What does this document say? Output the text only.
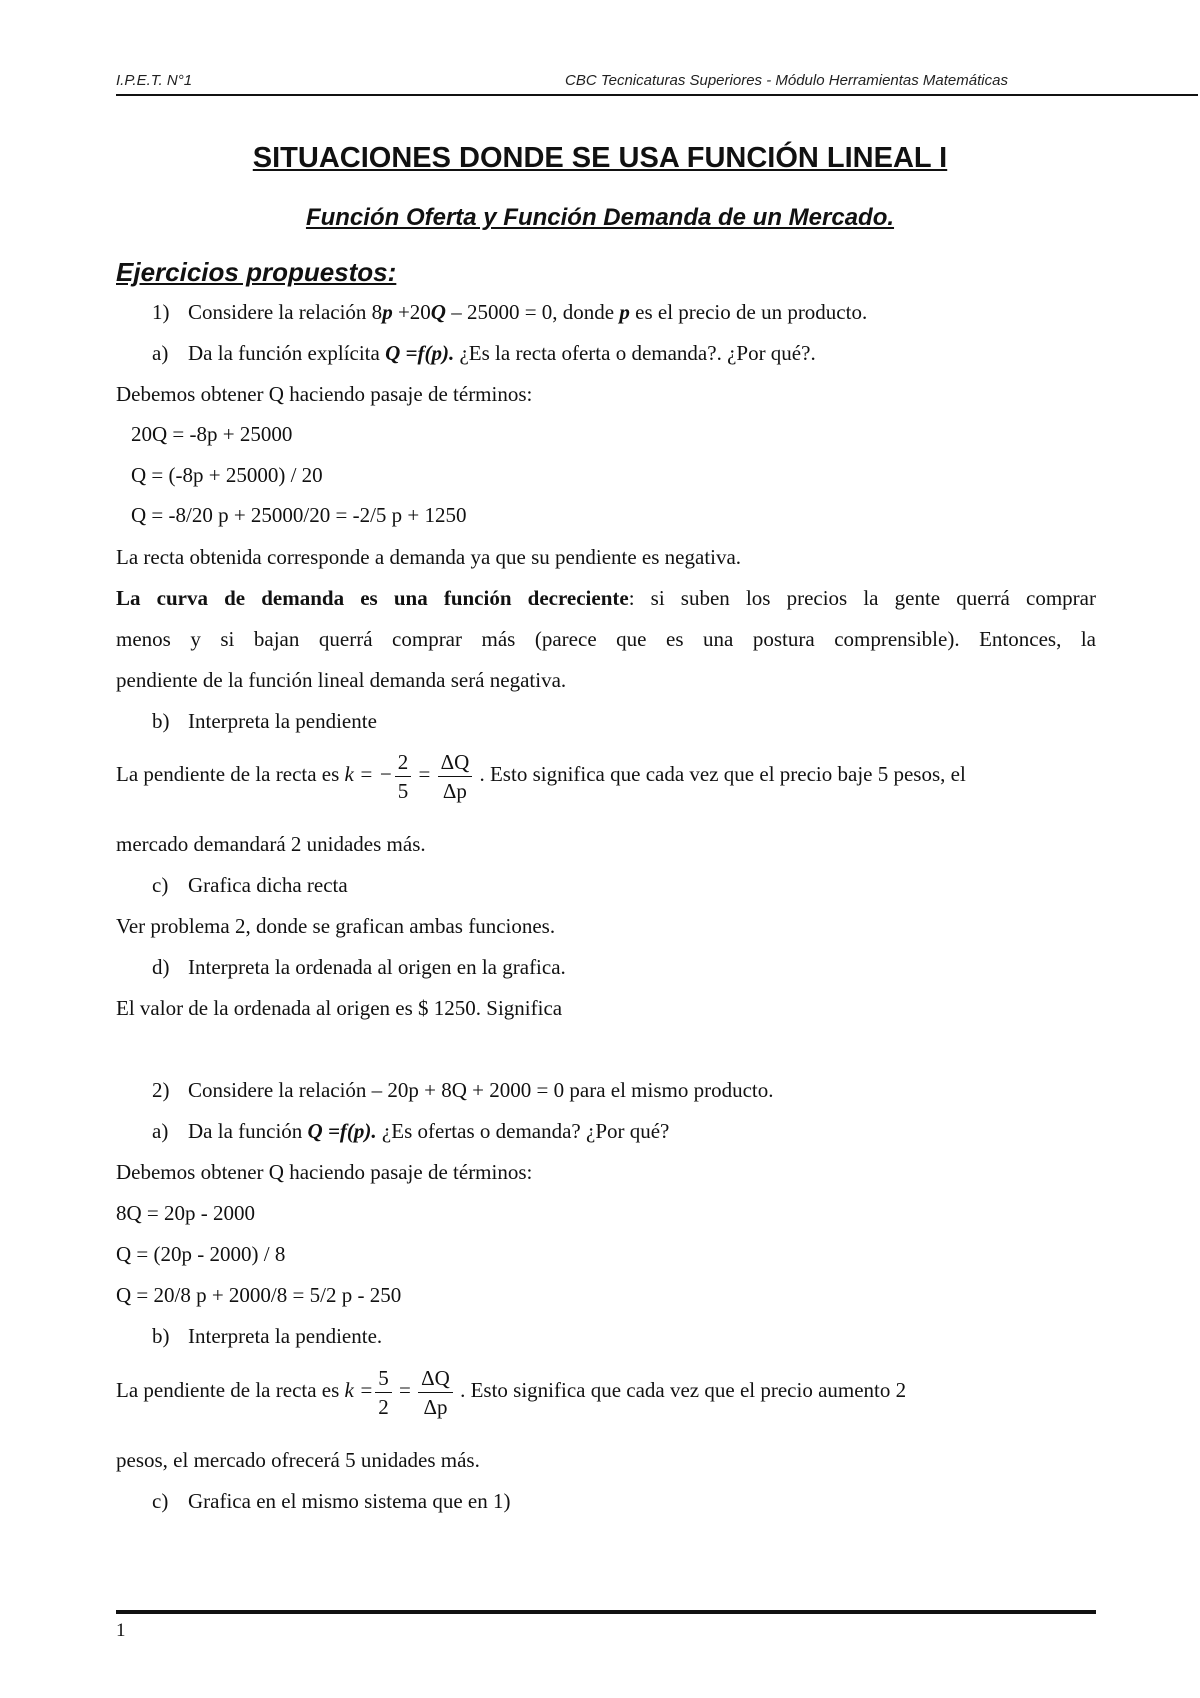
I.P.E.T. N°1	CBC Tecnicaturas Superiores - Módulo Herramientas Matemáticas
SITUACIONES DONDE SE USA FUNCIÓN LINEAL I
Función Oferta y Función Demanda de un Mercado.
Ejercicios propuestos:
1) Considere la relación 8p +20Q – 25000 = 0, donde p es el precio de un producto.
a) Da la función explícita Q =f(p). ¿Es la recta oferta o demanda?. ¿Por qué?.
Debemos obtener Q haciendo pasaje de términos:
20Q = -8p + 25000
Q = (-8p + 25000) / 20
Q = -8/20 p + 25000/20 = -2/5 p + 1250
La recta obtenida corresponde a demanda ya que su pendiente es negativa.
La curva de demanda es una función decreciente: si suben los precios la gente querrá comprar
menos y si bajan querrá comprar más (parece que es una postura comprensible). Entonces, la
pendiente de la función lineal demanda será negativa.
b) Interpreta la pendiente
La pendiente de la recta es k = − $\frac{2}{5} = \frac{\Delta Q}{\Delta p}$ . Esto significa que cada vez que el precio baje 5 pesos, el
mercado demandará 2 unidades más.
c) Grafica dicha recta
Ver problema 2, donde se grafican ambas funciones.
d) Interpreta la ordenada al origen en la grafica.
El valor de la ordenada al origen es $ 1250. Significa
2) Considere la relación – 20p + 8Q + 2000 = 0 para el mismo producto.
a) Da la función Q =f(p). ¿Es ofertas o demanda? ¿Por qué?
Debemos obtener Q haciendo pasaje de términos:
8Q = 20p - 2000
Q = (20p - 2000) / 8
Q = 20/8 p + 2000/8 = 5/2 p - 250
b) Interpreta la pendiente.
La pendiente de la recta es $k = \frac{5}{2} = \frac{\Delta Q}{\Delta p}$ . Esto significa que cada vez que el precio aumento 2
pesos, el mercado ofrecerá 5 unidades más.
c) Grafica en el mismo sistema que en 1)
1
